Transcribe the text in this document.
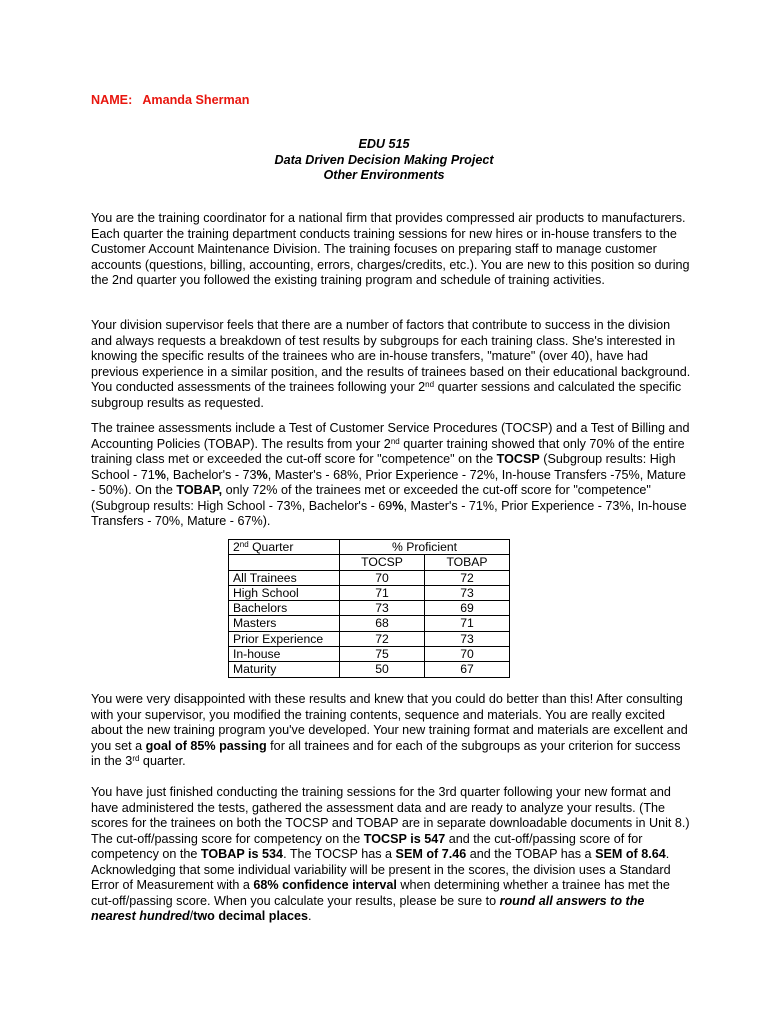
NAME: Amanda Sherman
EDU 515
Data Driven Decision Making Project
Other Environments

You are the training coordinator for a national firm that provides compressed air products to manufacturers. Each quarter the training department conducts training sessions for new hires or in-house transfers to the Customer Account Maintenance Division. The training focuses on preparing staff to manage customer accounts (questions, billing, accounting, errors, charges/credits, etc.). You are new to this position so during the 2nd quarter you followed the existing training program and schedule of training activities.

Your division supervisor feels that there are a number of factors that contribute to success in the division and always requests a breakdown of test results by subgroups for each training class. She's interested in knowing the specific results of the trainees who are in-house transfers, "mature" (over 40), have had previous experience in a similar position, and the results of trainees based on their educational background. You conducted assessments of the trainees following your 2nd quarter sessions and calculated the specific subgroup results as requested.

The trainee assessments include a Test of Customer Service Procedures (TOCSP) and a Test of Billing and Accounting Policies (TOBAP). The results from your 2nd quarter training showed that only 70% of the entire training class met or exceeded the cut-off score for "competence" on the TOCSP (Subgroup results: High School - 71%, Bachelor's - 73%, Master's - 68%, Prior Experience - 72%, In-house Transfers -75%, Mature - 50%). On the TOBAP, only 72% of the trainees met or exceeded the cut-off score for "competence" (Subgroup results: High School - 73%, Bachelor's - 69%, Master's - 71%, Prior Experience - 73%, In-house Transfers - 70%, Mature - 67%).

2nd Quarter	% Proficient	
	TOCSP	TOBAP
All Trainees	70	72
High School	71	73
Bachelors	73	69
Masters	68	71
Prior Experience	72	73
In-house	75	70
Maturity	50	67

You were very disappointed with these results and knew that you could do better than this! After consulting with your supervisor, you modified the training contents, sequence and materials. You are really excited about the new training program you've developed. Your new training format and materials are excellent and you set a goal of 85% passing for all trainees and for each of the subgroups as your criterion for success in the 3rd quarter.

You have just finished conducting the training sessions for the 3rd quarter following your new format and have administered the tests, gathered the assessment data and are ready to analyze your results. (The scores for the trainees on both the TOCSP and TOBAP are in separate downloadable documents in Unit 8.) The cut-off/passing score for competency on the TOCSP is 547 and the cut-off/passing score of for competency on the TOBAP is 534. The TOCSP has a SEM of 7.46 and the TOBAP has a SEM of 8.64. Acknowledging that some individual variability will be present in the scores, the division uses a Standard Error of Measurement with a 68% confidence interval when determining whether a trainee has met the cut-off/passing score. When you calculate your results, please be sure to round all answers to the nearest hundred/two decimal places.
